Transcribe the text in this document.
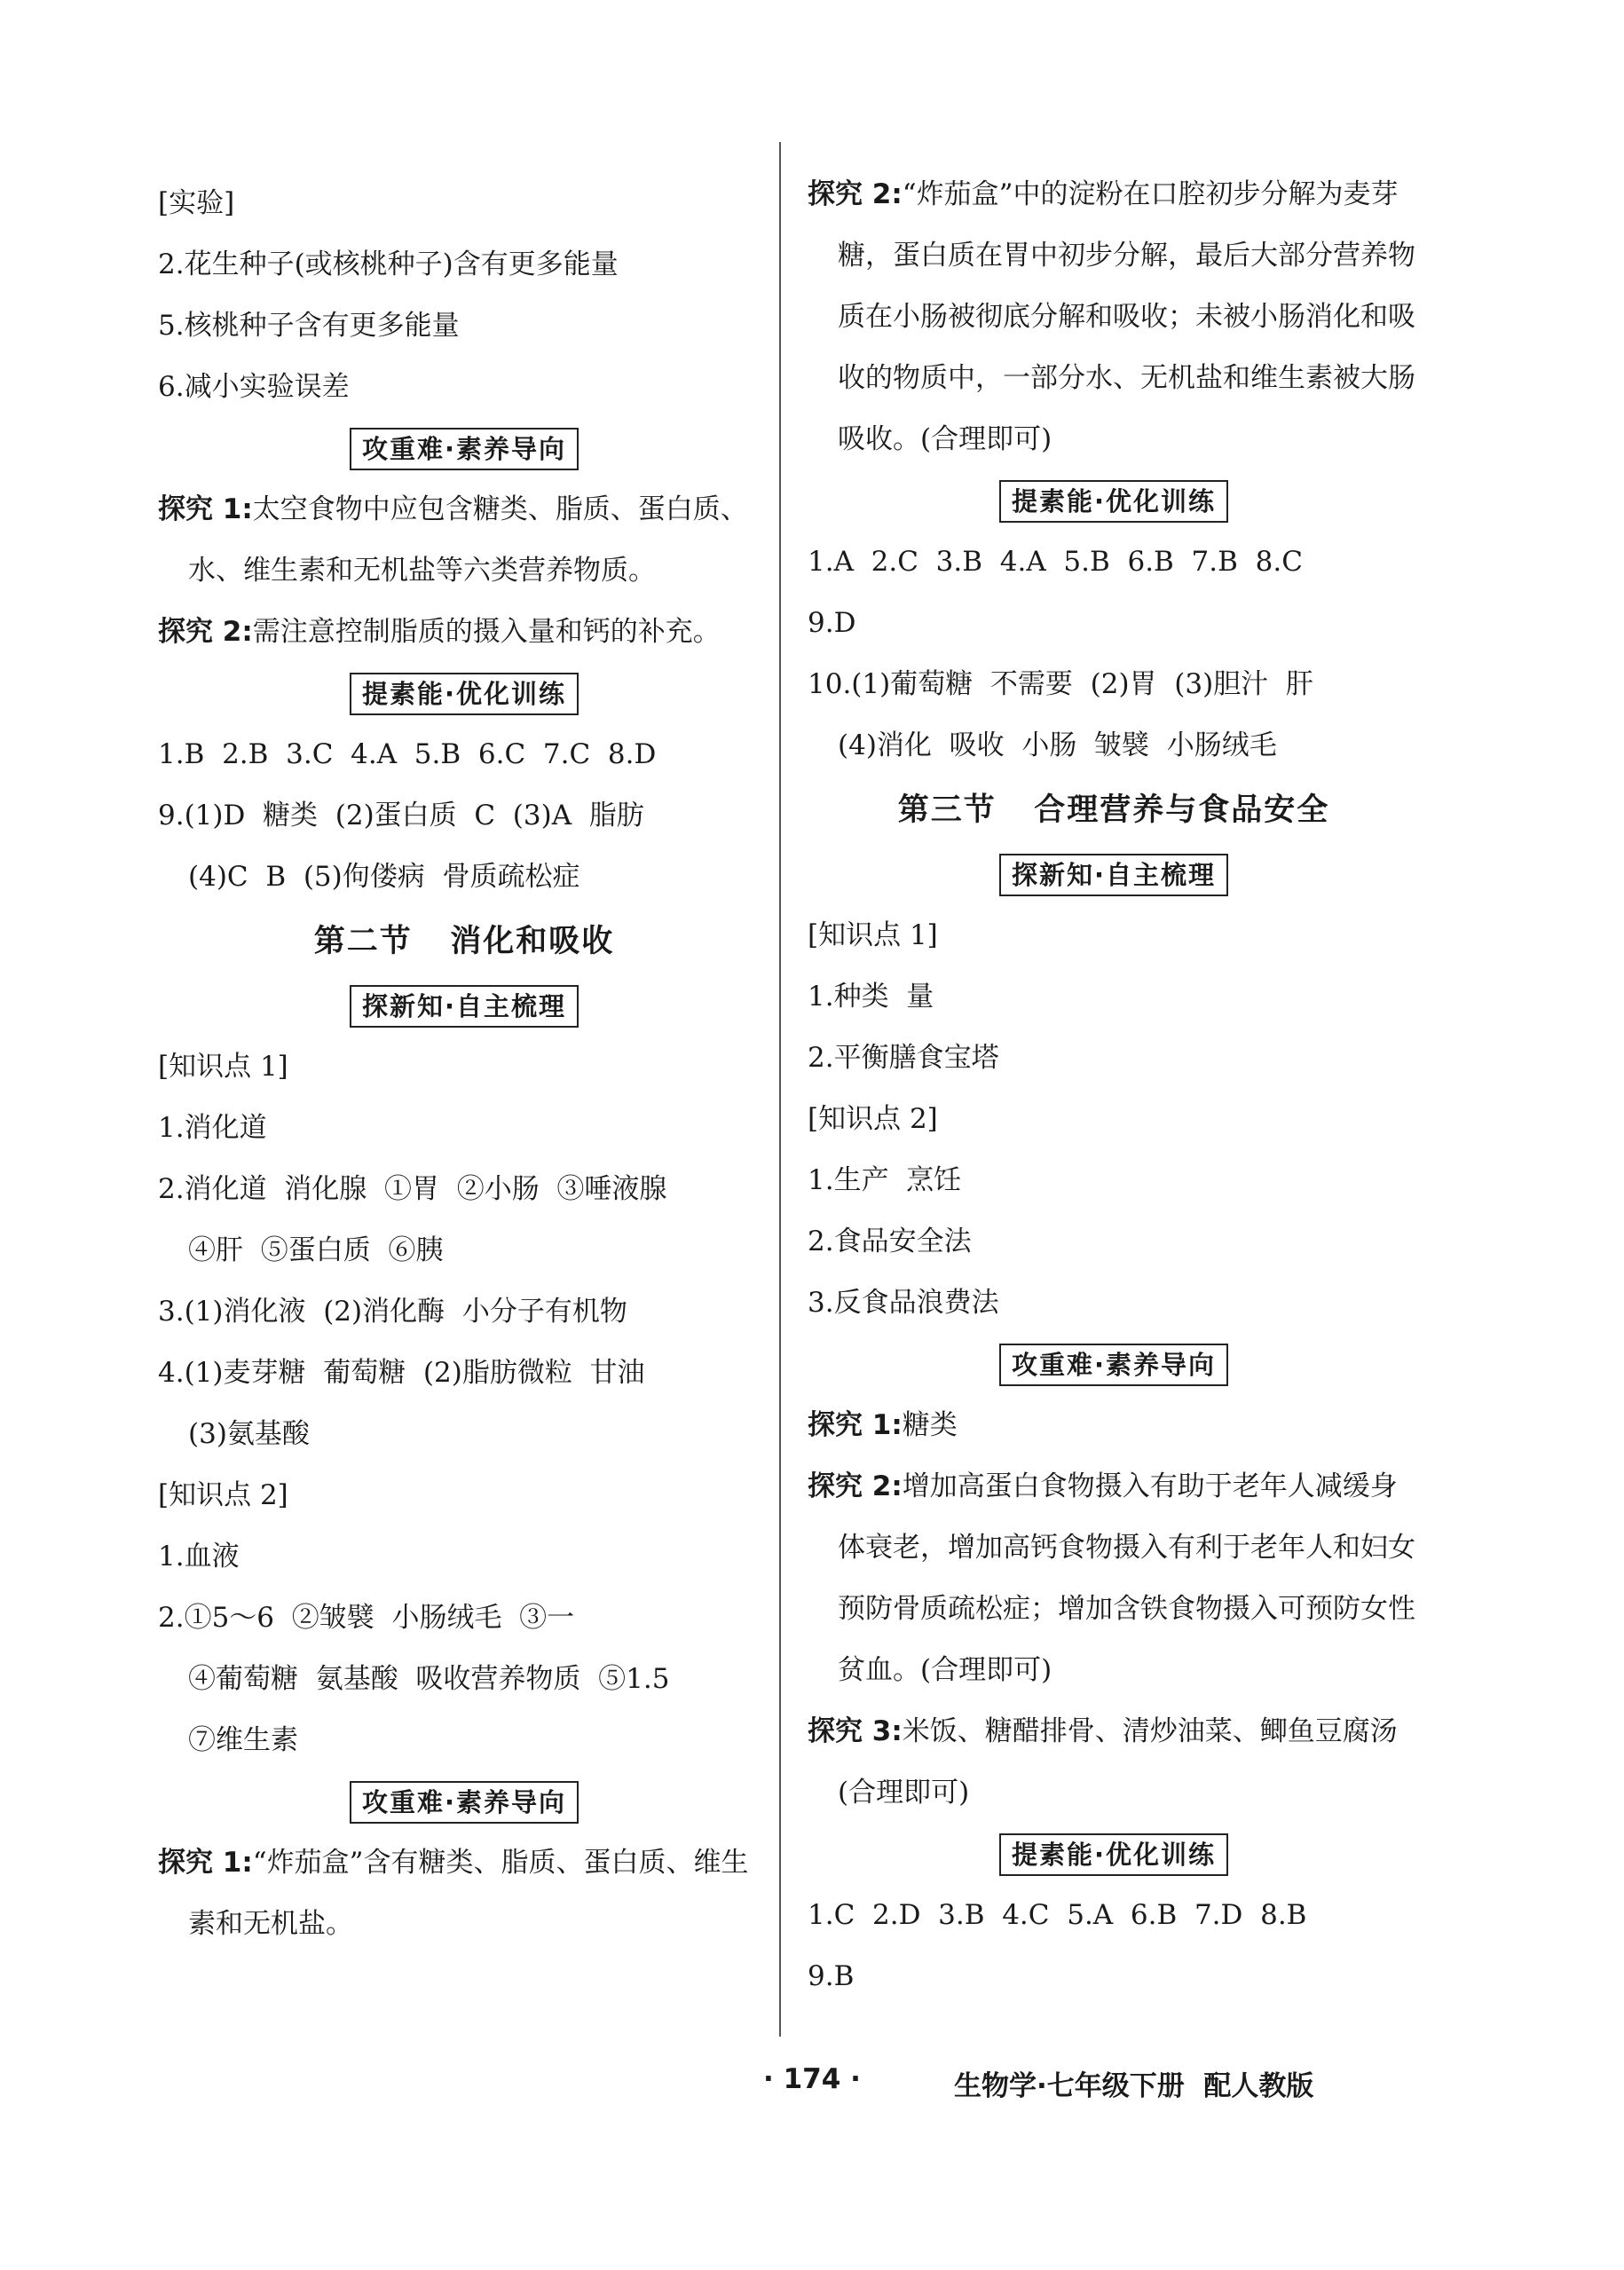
[实验]
2.花生种子(或核桃种子)含有更多能量
5.核桃种子含有更多能量
6.减小实验误差
攻重难·素养导向
探究 1:太空食物中应包含糖类、脂质、蛋白质、
水、维生素和无机盐等六类营养物质。
探究 2:需注意控制脂质的摄入量和钙的补充。
提素能·优化训练
1.B  2.B  3.C  4.A  5.B  6.C  7.C  8.D
9.(1)D  糖类  (2)蛋白质  C  (3)A  脂肪
(4)C  B  (5)佝偻病  骨质疏松症
第二节   消化和吸收
探新知·自主梳理
[知识点 1]
1.消化道
2.消化道  消化腺  ①胃  ②小肠  ③唾液腺
④肝  ⑤蛋白质  ⑥胰
3.(1)消化液  (2)消化酶  小分子有机物
4.(1)麦芽糖  葡萄糖  (2)脂肪微粒  甘油
(3)氨基酸
[知识点 2]
1.血液
2.①5～6  ②皱襞  小肠绒毛  ③一
④葡萄糖  氨基酸  吸收营养物质  ⑤1.5
⑦维生素
攻重难·素养导向
探究 1:“炸茄盒”含有糖类、脂质、蛋白质、维生
素和无机盐。
探究 2:“炸茄盒”中的淀粉在口腔初步分解为麦芽糖，蛋白质在胃中初步分解，最后大部分营养物质在小肠被彻底分解和吸收；未被小肠消化和吸收的物质中，一部分水、无机盐和维生素被大肠吸收。(合理即可)
提素能·优化训练
1.A  2.C  3.B  4.A  5.B  6.B  7.B  8.C
9.D
10.(1)葡萄糖  不需要  (2)胃  (3)胆汁  肝
(4)消化  吸收  小肠  皱襞  小肠绒毛
第三节   合理营养与食品安全
探新知·自主梳理
[知识点 1]
1.种类  量
2.平衡膳食宝塔
[知识点 2]
1.生产  烹饪
2.食品安全法
3.反食品浪费法
攻重难·素养导向
探究 1:糖类
探究 2:增加高蛋白食物摄入有助于老年人减缓身体衰老，增加高钙食物摄入有利于老年人和妇女预防骨质疏松症；增加含铁食物摄入可预防女性贫血。(合理即可)
探究 3:米饭、糖醋排骨、清炒油菜、鲫鱼豆腐汤(合理即可)
提素能·优化训练
1.C  2.D  3.B  4.C  5.A  6.B  7.D  8.B
9.B
· 174 ·	生物学·七年级下册  配人教版
